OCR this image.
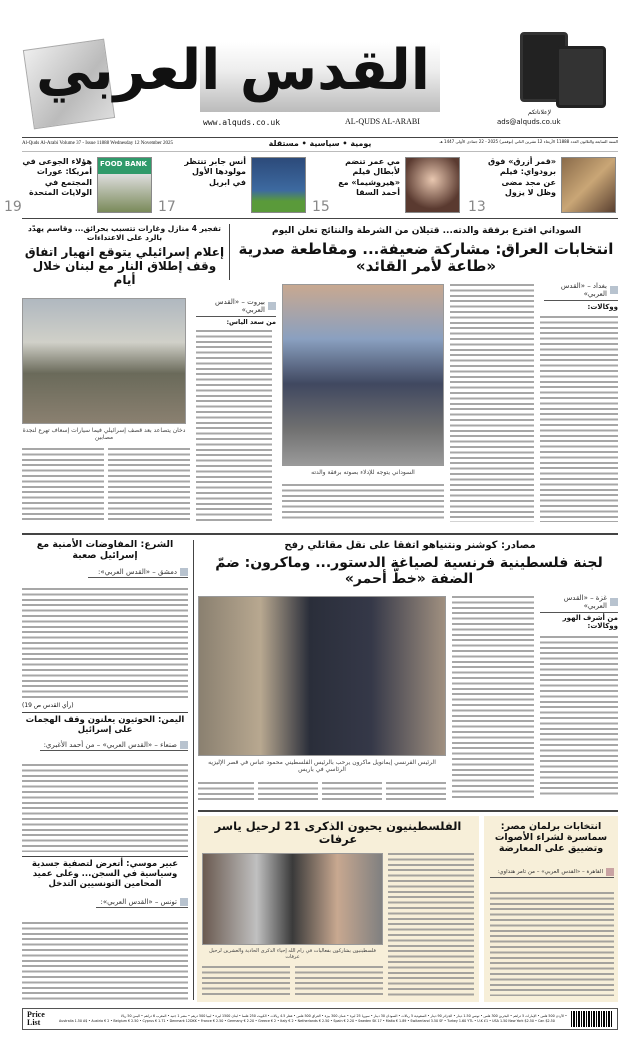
القدس العربي
www.alquds.co.uk	AL-QUDS AL-ARABI
لإعلاناتكم
ads@alquds.co.uk
Al-Quds Al-Arabi Volume 37 - Issue 11888 Wednesday 12 November 2025	يومية • سياسية • مستقلة	السنة السابعة والثلاثون العدد 11888 الأربعاء 12 تشرين الثاني (نوفمبر) 2025 - 22 جمادى الأولى 1447 هـ
«قمر أزرق» فوق برودواي: فيلم عن مجد مضى وظل لا يزول
13
مي عمر تنضم لأبطال فيلم «هيروشيما» مع أحمد السقا
15
أنس جابر تنتظر مولودها الأول في ابريل
17
FOOD BANK
هؤلاء الجوعى في أمريكا: عورات المجتمع في الولايات المتحدة
19
السوداني اقترع برفقة والدته... قتيلان من الشرطة والنتائج تعلن اليوم
انتخابات العراق: مشاركة ضعيفة... ومقاطعة صدرية «طاعة لأمر القائد»
بغداد – «القدس العربي»
ووكالات:
السوداني يتوجه للإدلاء بصوته برفقة والدته
تفجير 4 منازل وغارات تتسبب بحرائق... وقاسم يهدّد بالرد على الاعتداءات
إعلام إسرائيلي يتوقع انهيار اتفاق وقف إطلاق النار مع لبنان خلال أيام
دخان يتصاعد بعد قصف إسرائيلي فيما سيارات إسعاف تهرع لنجدة مصابين
بيروت – «القدس العربي»
من سعد الياس:
مصادر: كوشنر ونتنياهو اتفقا على نقل مقاتلي رفح
لجنة فلسطينية فرنسية لصياغة الدستور... وماكرون: ضمّ الضفة «خطّ أحمر»
غزة – «القدس العربي»
من أشرف الهور ووكالات:
الرئيس الفرنسي إيمانويل ماكرون يرحب بالرئيس الفلسطيني محمود عباس في قصر الإليزيه الرئاسي في باريس
الشرع: المفاوضات الأمنية مع إسرائيل صعبة
دمشق – «القدس العربي»:
(رأي القدس ص 19)
اليمن: الحوثيون يعلنون وقف الهجمات على إسرائيل
صنعاء – «القدس العربي» – من أحمد الأغبري:
عبير موسي: أتعرض لتصفية جسدية وسياسية في السجن... وعلى عميد المحامين التونسيين التدخل
تونس – «القدس العربي»:
الفلسطينيون يحيون الذكرى 21 لرحيل ياسر عرفات
فلسطينيون يشاركون بفعاليات في رام الله إحياء الذكرى الحادية والعشرين لرحيل عرفات
انتخابات برلمان مصر: سماسرة لشراء الأصوات وتضييق على المعارضة
القاهرة – «القدس العربي» – من تامر هنداوي:
Price
List
• الأردن 500 فلس • الإمارات 5 دراهم • البحرين 300 فلس • تونس 1.50 دينار • الجزائر 90 دينار • السعودية 5 ريالات • السودان 30 دينار • سوريا 25 ليرة • عمان 300 بيزة • العراق 500 فلس • قطر 4.5 ريالات • الكويت 250 فلسا • لبنان 1500 ليرة • ليبيا 500 درهم • مصر 1 جنيه • المغرب 6 دراهم • اليمن 50 ريالا
Australia 1.50 A$ • Austria € 2 • Belgium € 2.50 • Cyprus € 1.71 • Denmark 12DKK • France € 2.50 • Germany € 2.20 • Greece € 2 • Italy € 2 • Netherlands € 2.50 • Spain € 2.20 • Sweden SK 17 • Malta € 1.89 • Switzerland 3.50 SF • Turkey 1.60 YTL • U.K £1 • USA 1.50 New York $2.50 • Can $2.50
